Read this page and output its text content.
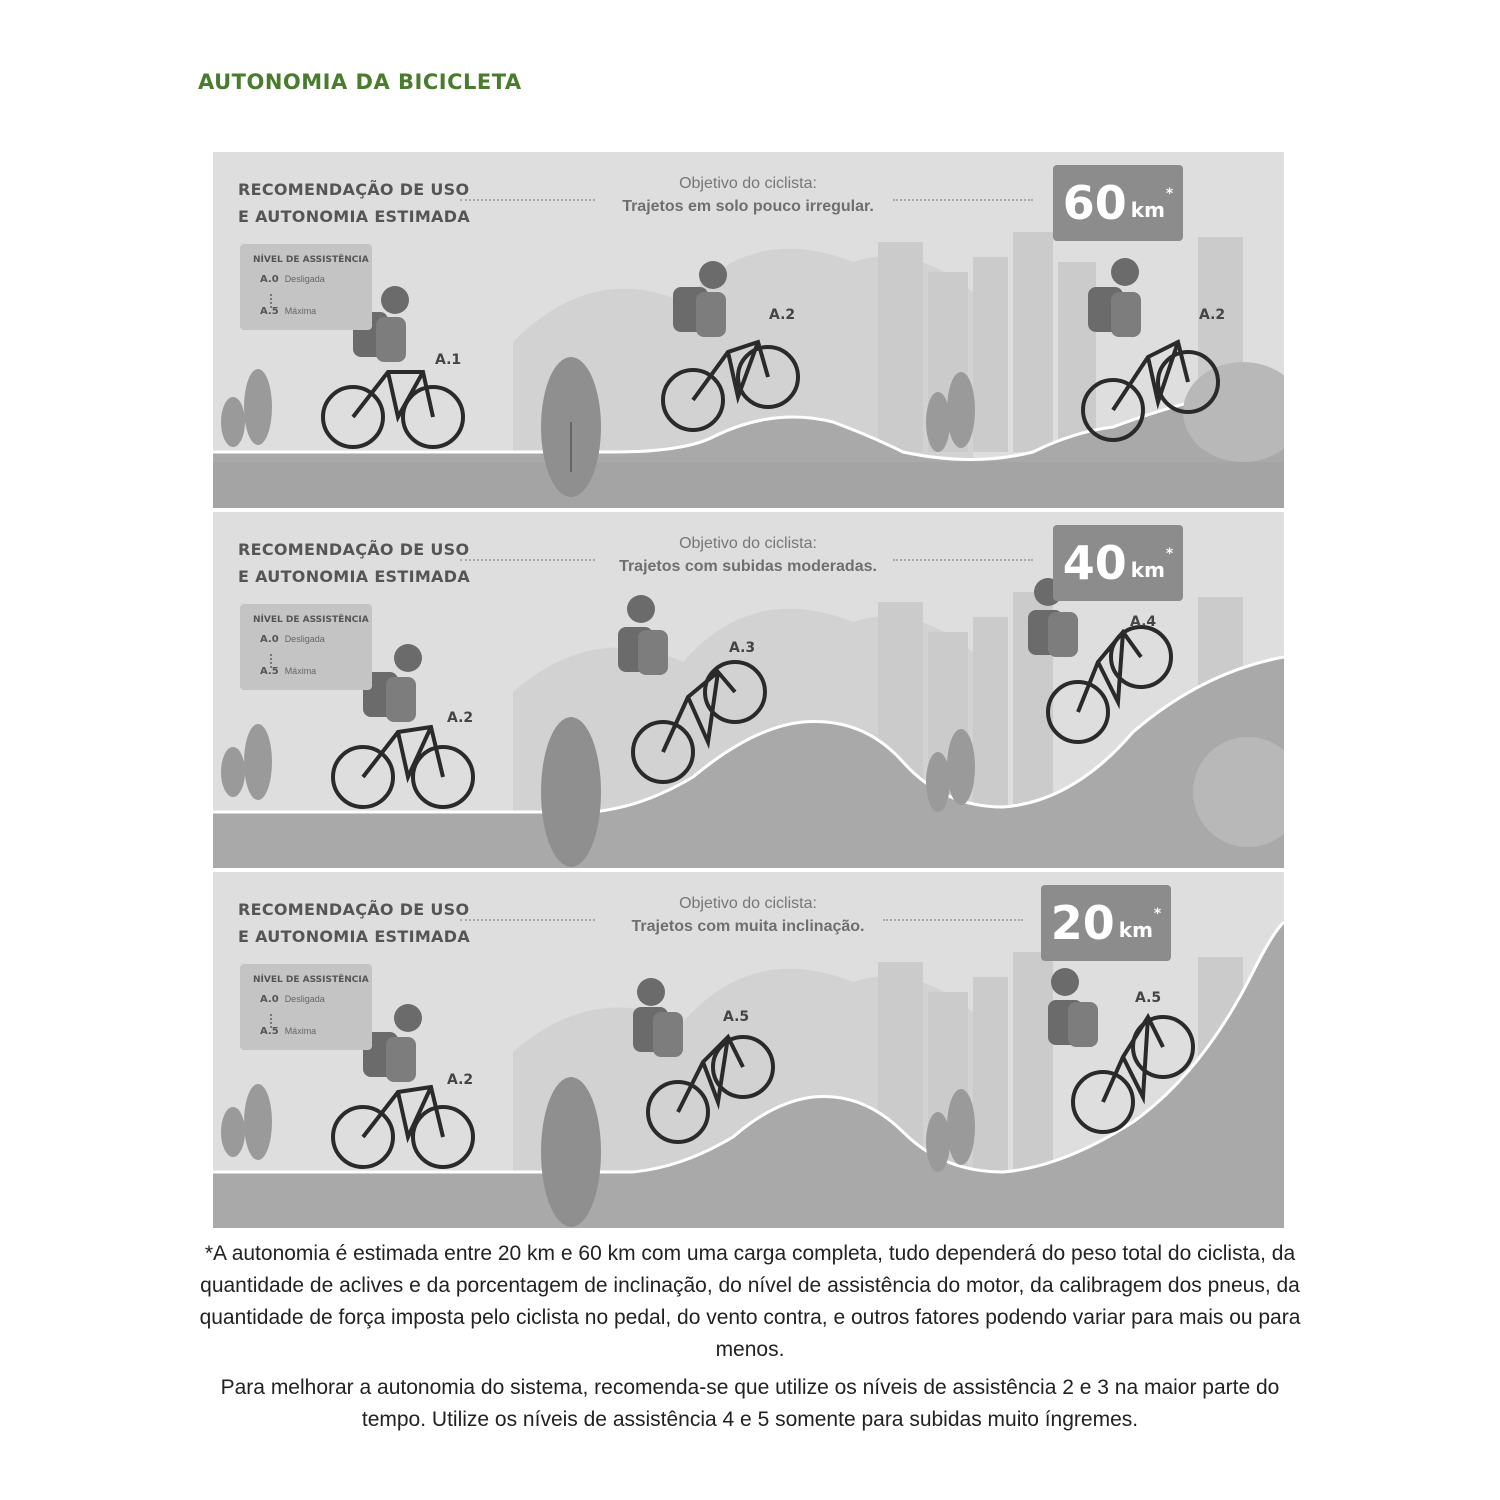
AUTONOMIA DA BICICLETA
RECOMENDAÇÃO DE USO
E AUTONOMIA ESTIMADA
Objetivo do ciclista:
Trajetos em solo pouco irregular.	60 km
*
NÍVEL DE ASSISTÊNCIA
A.0 Desligada
A.5 Máxima
A.1
A.2	A.2
RECOMENDAÇÃO DE USO
E AUTONOMIA ESTIMADA
Objetivo do ciclista:
Trajetos com subidas moderadas.	40 km
*
NÍVEL DE ASSISTÊNCIA
A.0 Desligada
A.5 Máxima
A.2
A.3
A.4
RECOMENDAÇÃO DE USO
E AUTONOMIA ESTIMADA
Objetivo do ciclista:
Trajetos com muita inclinação.	20 km
*
NÍVEL DE ASSISTÊNCIA
A.0 Desligada
A.5 Máxima
A.2
A.5
A.5

*A autonomia é estimada entre 20 km e 60 km com uma carga completa, tudo dependerá do peso total do ciclista, da quantidade de aclives e da porcentagem de inclinação, do nível de assistência do motor, da calibragem dos pneus, da quantidade de força imposta pelo ciclista no pedal, do vento contra, e outros fatores podendo variar para mais ou para menos.

Para melhorar a autonomia do sistema, recomenda-se que utilize os níveis de assistência 2 e 3 na maior parte do tempo. Utilize os níveis de assistência 4 e 5 somente para subidas muito íngremes.
